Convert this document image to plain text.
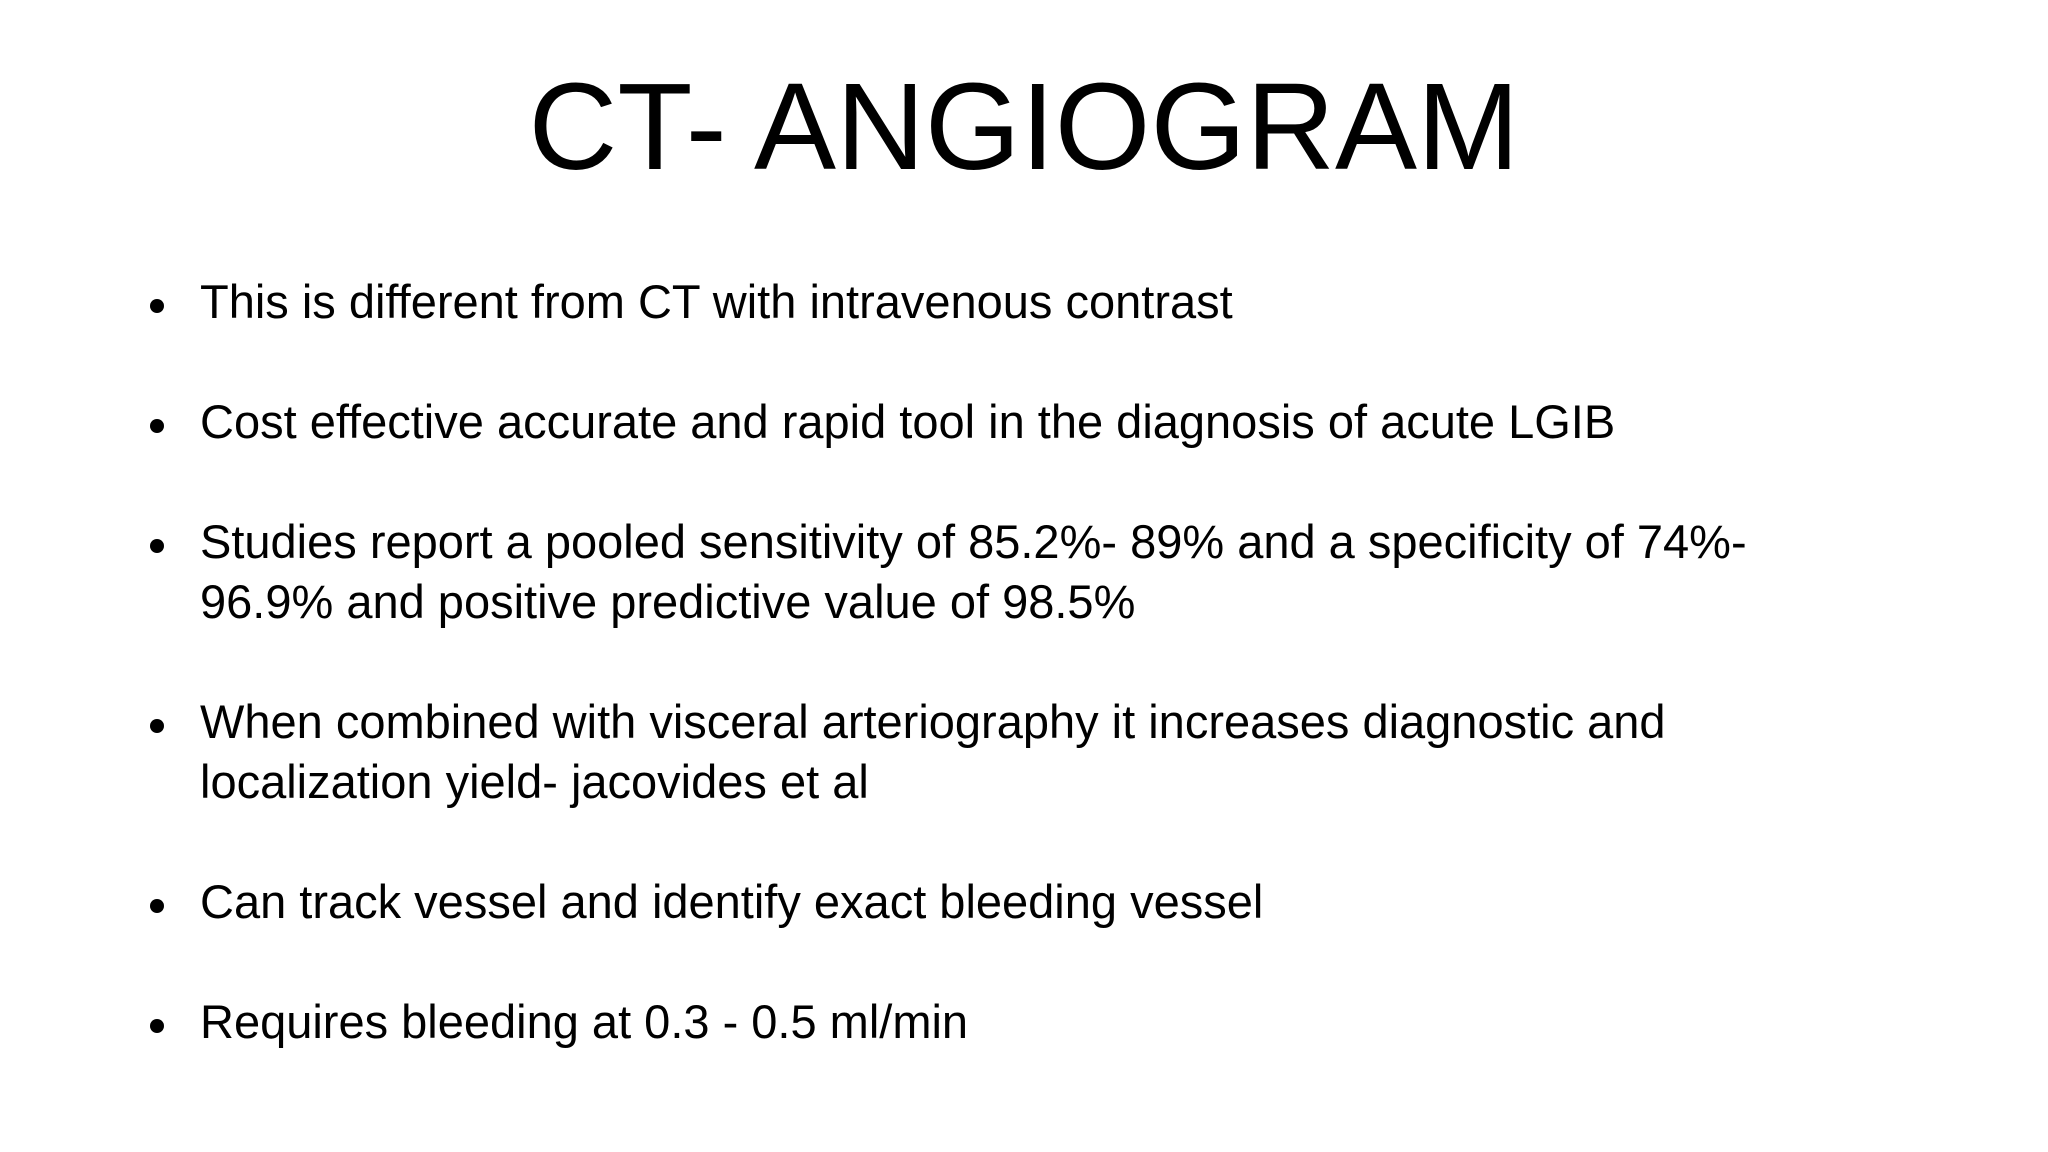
CT- ANGIOGRAM
This is different from CT with intravenous contrast
Cost effective accurate and rapid tool in the diagnosis of acute LGIB
Studies report a pooled sensitivity of 85.2%- 89% and a specificity of 74%- 96.9% and positive predictive value of 98.5%
When combined with visceral arteriography it increases diagnostic and localization yield- jacovides et al
Can track vessel and identify exact bleeding vessel
Requires bleeding at 0.3 - 0.5 ml/min
